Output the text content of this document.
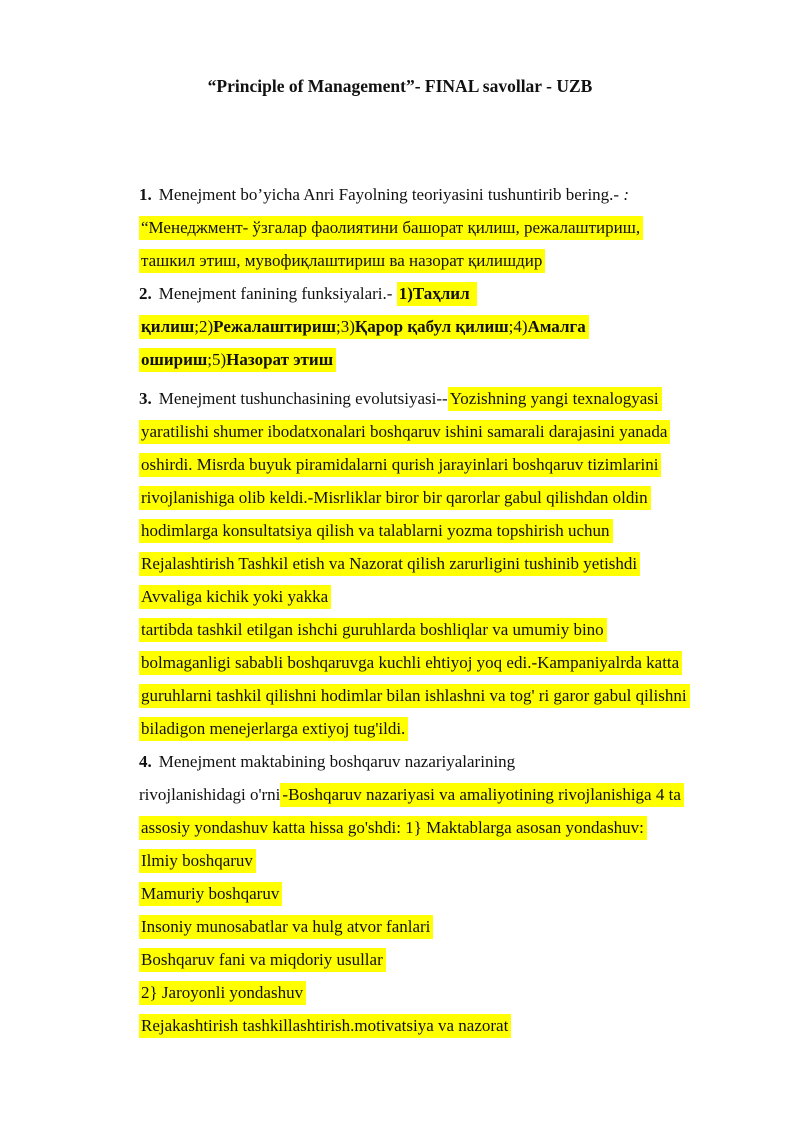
“Principle of Management”- FINAL savollar - UZB
1. Menejment bo’yicha Anri Fayolning teoriyasini tushuntirib bering.- :
“Менеджмент- ўзгалар фаолиятини башорат қилиш, режалаштириш,
ташкил этиш, мувофиқлаштириш ва назорат қилишдир
2. Menejment fanining funksiyalari.- 1)Таҳлил
қилиш;2)Режалаштириш;3)Қарор қабул қилиш;4)Амалга
ошириш;5)Назорат этиш
3. Menejment tushunchasining evolutsiyasi-- Yozishning yangi texnalogyasi
yaratilishi shumer ibodatxonalari boshqaruv ishini samarali darajasini yanada
oshirdi. Misrda buyuk piramidalarni qurish jarayinlari boshqaruv tizimlarini
rivojlanishiga olib keldi.-Misrliklar biror bir qarorlar gabul qilishdan oldin
hodimlarga konsultatsiya qilish va talablarni yozma topshirish uchun
Rejalashtirish Tashkil etish va Nazorat qilish zarurligini tushinib yetishdi
Avvaliga kichik yoki yakka
tartibda tashkil etilgan ishchi guruhlarda boshliqlar va umumiy bino
bolmaganligi sababli boshqaruvga kuchli ehtiyoj yoq edi.-Kampaniyalrda katta
guruhlarni tashkil qilishni hodimlar bilan ishlashni va tog' ri garor gabul qilishni
biladigon menejerlarga extiyoj tug'ildi.
4. Menejment maktabining boshqaruv nazariyalarining
rivojlanishidagi o'rni -Boshqaruv nazariyasi va amaliyotining rivojlanishiga 4 ta
assosiy yondashuv katta hissa go'shdi: 1} Maktablarga asosan yondashuv:
Ilmiy boshqaruv
Mamuriy boshqaruv
Insoniy munosabatlar va hulg atvor fanlari
Boshqaruv fani va miqdoriy usullar
2} Jaroyonli yondashuv
Rejakashtirish tashkillashtirish.motivatsiya va nazorat
